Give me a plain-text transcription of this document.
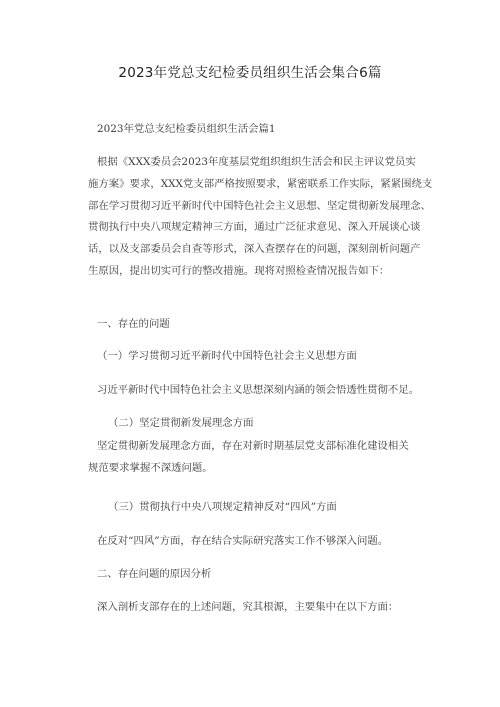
2023年党总支纪检委员组织生活会集合6篇
2023年党总支纪检委员组织生活会篇1
根据《XXX委员会2023年度基层党组织组织生活会和民主评议党员实
施方案》要求，XXX党支部严格按照要求，紧密联系工作实际，紧紧围绕支
部在学习贯彻习近平新时代中国特色社会主义思想、坚定贯彻新发展理念、
贯彻执行中央八项规定精神三方面，通过广泛征求意见、深入开展谈心谈
话，以及支部委员会自查等形式，深入查摆存在的问题，深刻剖析问题产
生原因，提出切实可行的整改措施。现将对照检查情况报告如下：
一、存在的问题
（一）学习贯彻习近平新时代中国特色社会主义思想方面
习近平新时代中国特色社会主义思想深刻内涵的领会悟透性贯彻不足。
（二）坚定贯彻新发展理念方面
坚定贯彻新发展理念方面，存在对新时期基层党支部标准化建设相关
规范要求掌握不深透问题。
（三）贯彻执行中央八项规定精神反对“四风”方面
在反对“四风”方面，存在结合实际研究落实工作不够深入问题。
二、存在问题的原因分析
深入剖析支部存在的上述问题，究其根源，主要集中在以下方面：
